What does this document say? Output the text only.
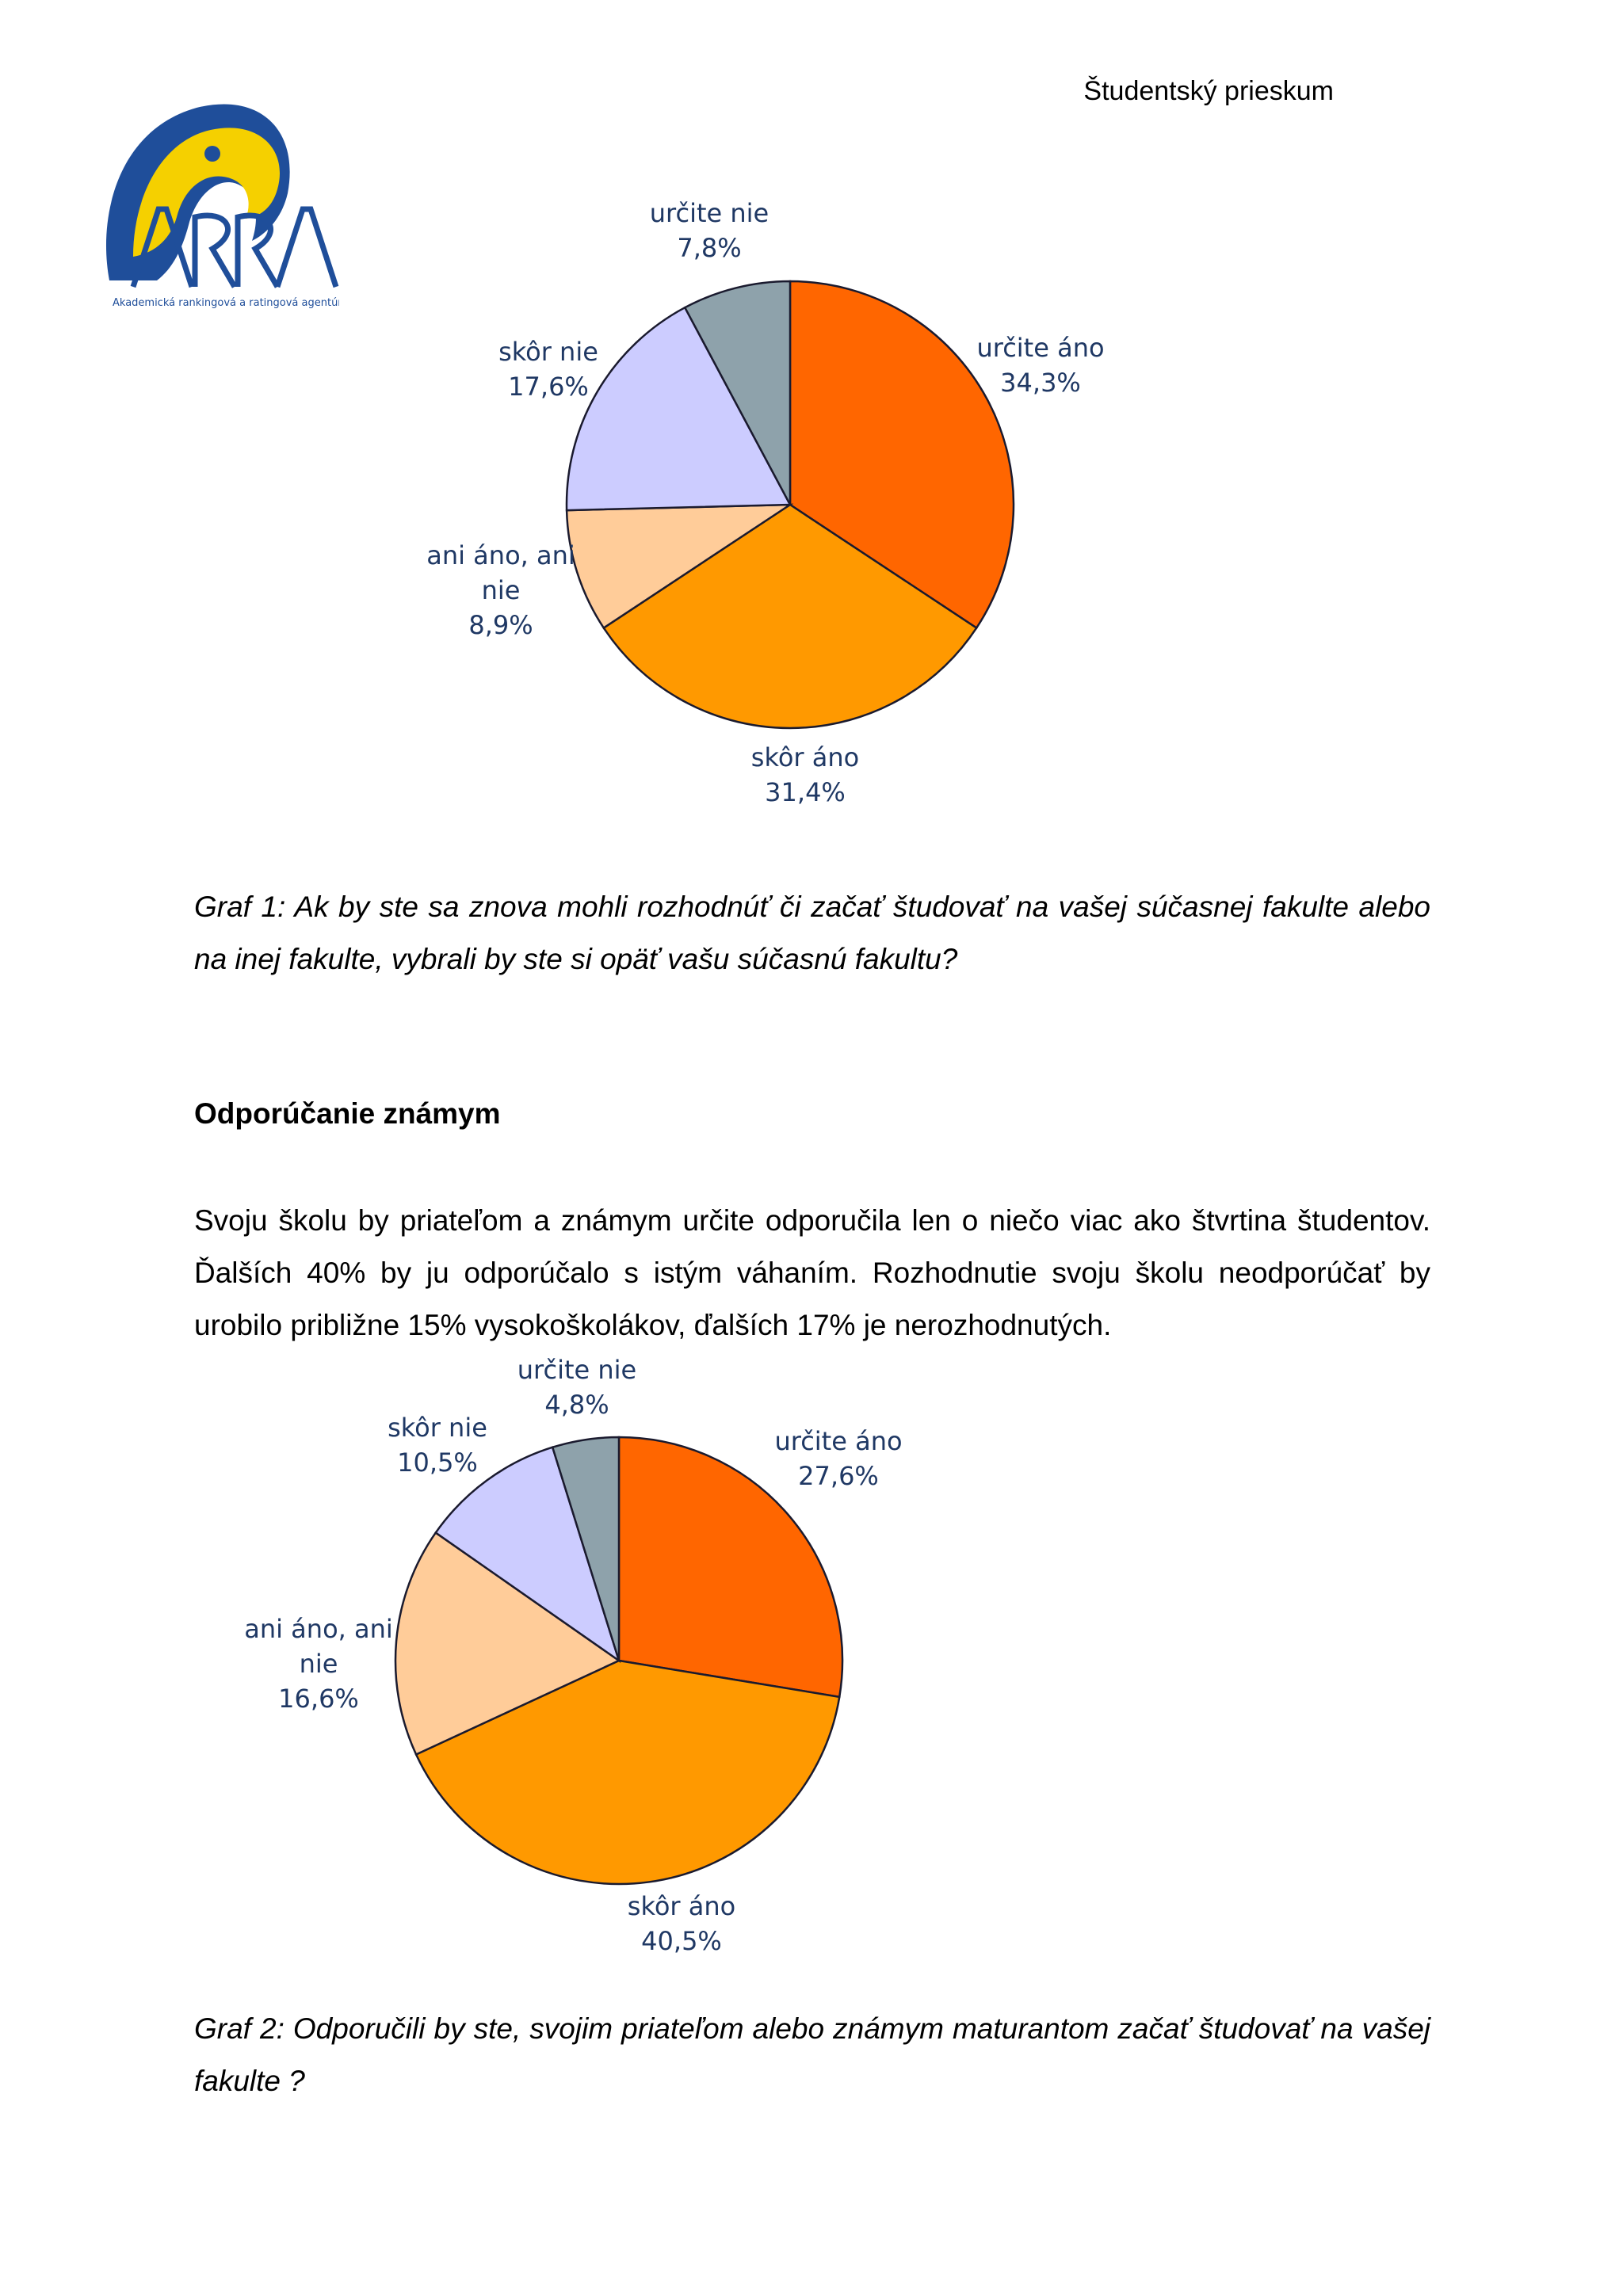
Študentský prieskum
Akademická rankingová a ratingová agentúra
určite áno 34,3%
skôr áno 31,4%
ani áno, ani nie 8,9%
skôr nie 17,6%
určite nie 7,8%
Graf 1: Ak by ste sa znova mohli rozhodnúť či začať študovať na vašej súčasnej fakulte alebo na inej fakulte, vybrali by ste si opäť vašu súčasnú fakultu?
Odporúčanie známym
Svoju školu by priateľom a známym určite odporučila len o niečo viac ako štvrtina študentov. Ďalších 40% by ju odporúčalo s istým váhaním. Rozhodnutie svoju školu neodporúčať by urobilo približne 15% vysokoškolákov, ďalších 17% je nerozhodnutých.
určite áno 27,6%
skôr áno 40,5%
ani áno, ani nie 16,6%
skôr nie 10,5%
určite nie 4,8%
Graf 2: Odporučili by ste, svojim priateľom alebo známym maturantom začať študovať na vašej fakulte ?
